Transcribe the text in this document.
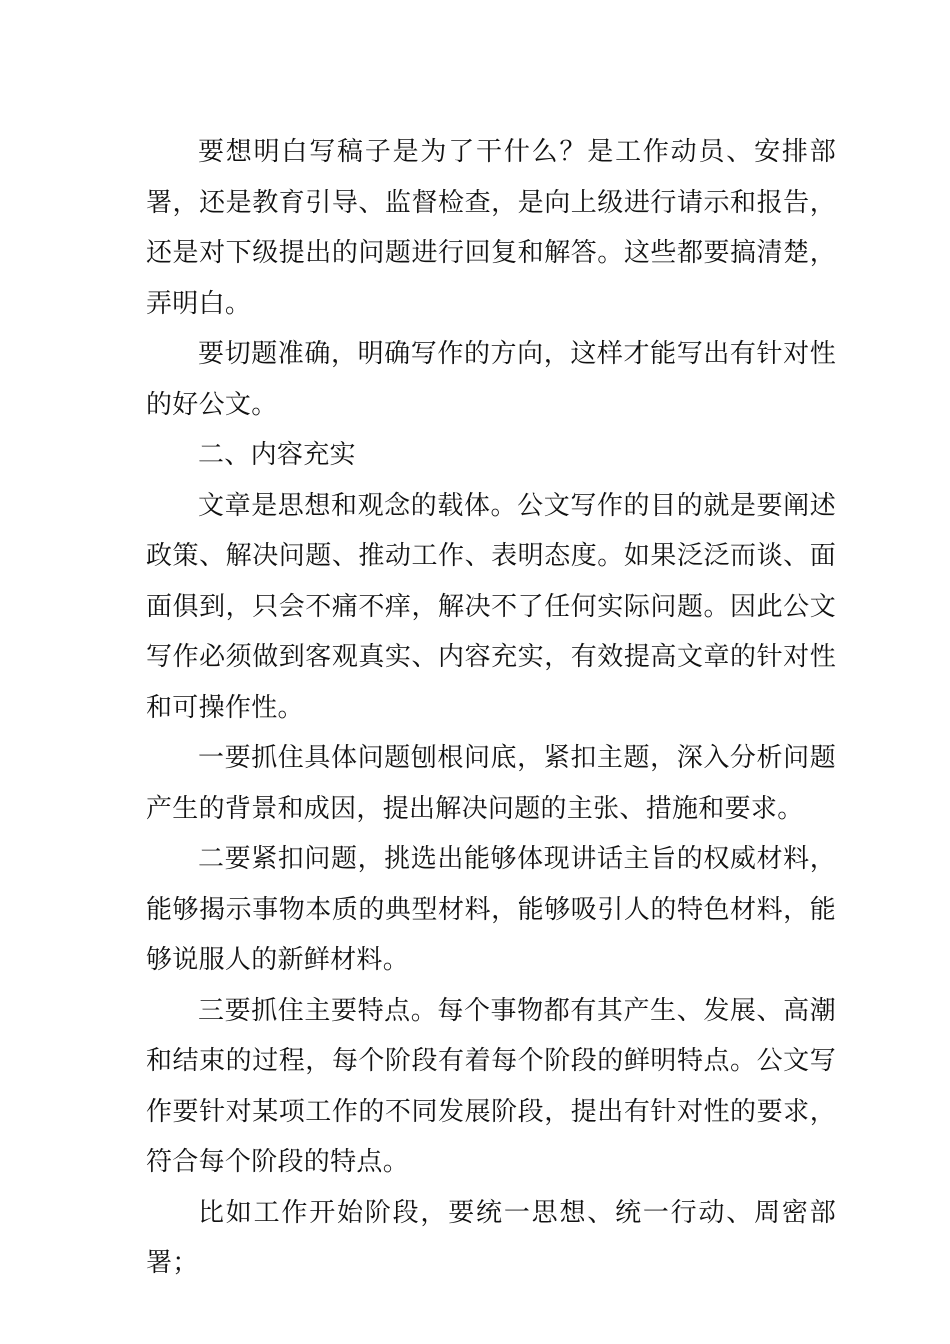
要想明白写稿子是为了干什么？是工作动员、安排部署，还是教育引导、监督检查，是向上级进行请示和报告，还是对下级提出的问题进行回复和解答。这些都要搞清楚，弄明白。

要切题准确，明确写作的方向，这样才能写出有针对性的好公文。

二、内容充实

文章是思想和观念的载体。公文写作的目的就是要阐述政策、解决问题、推动工作、表明态度。如果泛泛而谈、面面俱到，只会不痛不痒，解决不了任何实际问题。因此公文写作必须做到客观真实、内容充实，有效提高文章的针对性和可操作性。

一要抓住具体问题刨根问底，紧扣主题，深入分析问题产生的背景和成因，提出解决问题的主张、措施和要求。

二要紧扣问题，挑选出能够体现讲话主旨的权威材料，能够揭示事物本质的典型材料，能够吸引人的特色材料，能够说服人的新鲜材料。

三要抓住主要特点。每个事物都有其产生、发展、高潮和结束的过程，每个阶段有着每个阶段的鲜明特点。公文写作要针对某项工作的不同发展阶段，提出有针对性的要求，符合每个阶段的特点。

比如工作开始阶段，要统一思想、统一行动、周密部署；
